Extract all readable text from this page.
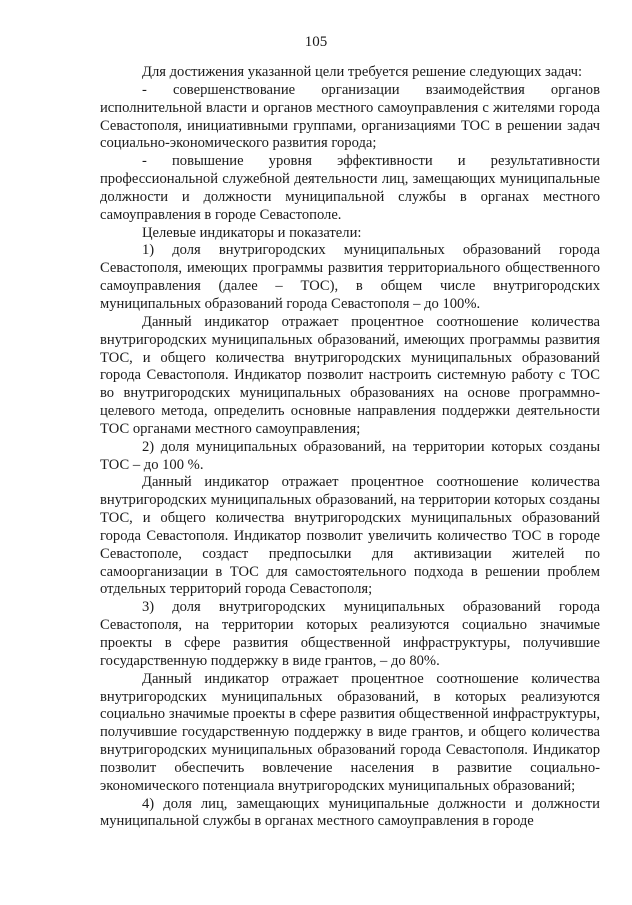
105

Для достижения указанной цели требуется решение следующих задач:

- совершенствование организации взаимодействия органов исполнительной власти и органов местного самоуправления с жителями города Севастополя, инициативными группами, организациями ТОС в решении задач социально-экономического развития города;

- повышение уровня эффективности и результативности профессиональной служебной деятельности лиц, замещающих муниципальные должности и должности муниципальной службы в органах местного самоуправления в городе Севастополе.

Целевые индикаторы и показатели:

1) доля внутригородских муниципальных образований города Севастополя, имеющих программы развития территориального общественного самоуправления (далее – ТОС), в общем числе внутригородских муниципальных образований города Севастополя – до 100%.

Данный индикатор отражает процентное соотношение количества внутригородских муниципальных образований, имеющих программы развития ТОС, и общего количества внутригородских муниципальных образований города Севастополя. Индикатор позволит настроить системную работу с ТОС во внутригородских муниципальных образованиях на основе программно-целевого метода, определить основные направления поддержки деятельности ТОС органами местного самоуправления;

2) доля муниципальных образований, на территории которых созданы ТОС – до 100 %.

Данный индикатор отражает процентное соотношение количества внутригородских муниципальных образований, на территории которых созданы ТОС, и общего количества внутригородских муниципальных образований города Севастополя. Индикатор позволит увеличить количество ТОС в городе Севастополе, создаст предпосылки для активизации жителей по самоорганизации в ТОС для самостоятельного подхода в решении проблем отдельных территорий города Севастополя;

3) доля внутригородских муниципальных образований города Севастополя, на территории которых реализуются социально значимые проекты в сфере развития общественной инфраструктуры, получившие государственную поддержку в виде грантов, – до 80%.

Данный индикатор отражает процентное соотношение количества внутригородских муниципальных образований, в которых реализуются социально значимые проекты в сфере развития общественной инфраструктуры, получившие государственную поддержку в виде грантов, и общего количества внутригородских муниципальных образований города Севастополя. Индикатор позволит обеспечить вовлечение населения в развитие социально-экономического потенциала внутригородских муниципальных образований;

4) доля лиц, замещающих муниципальные должности и должности муниципальной службы в органах местного самоуправления в городе
